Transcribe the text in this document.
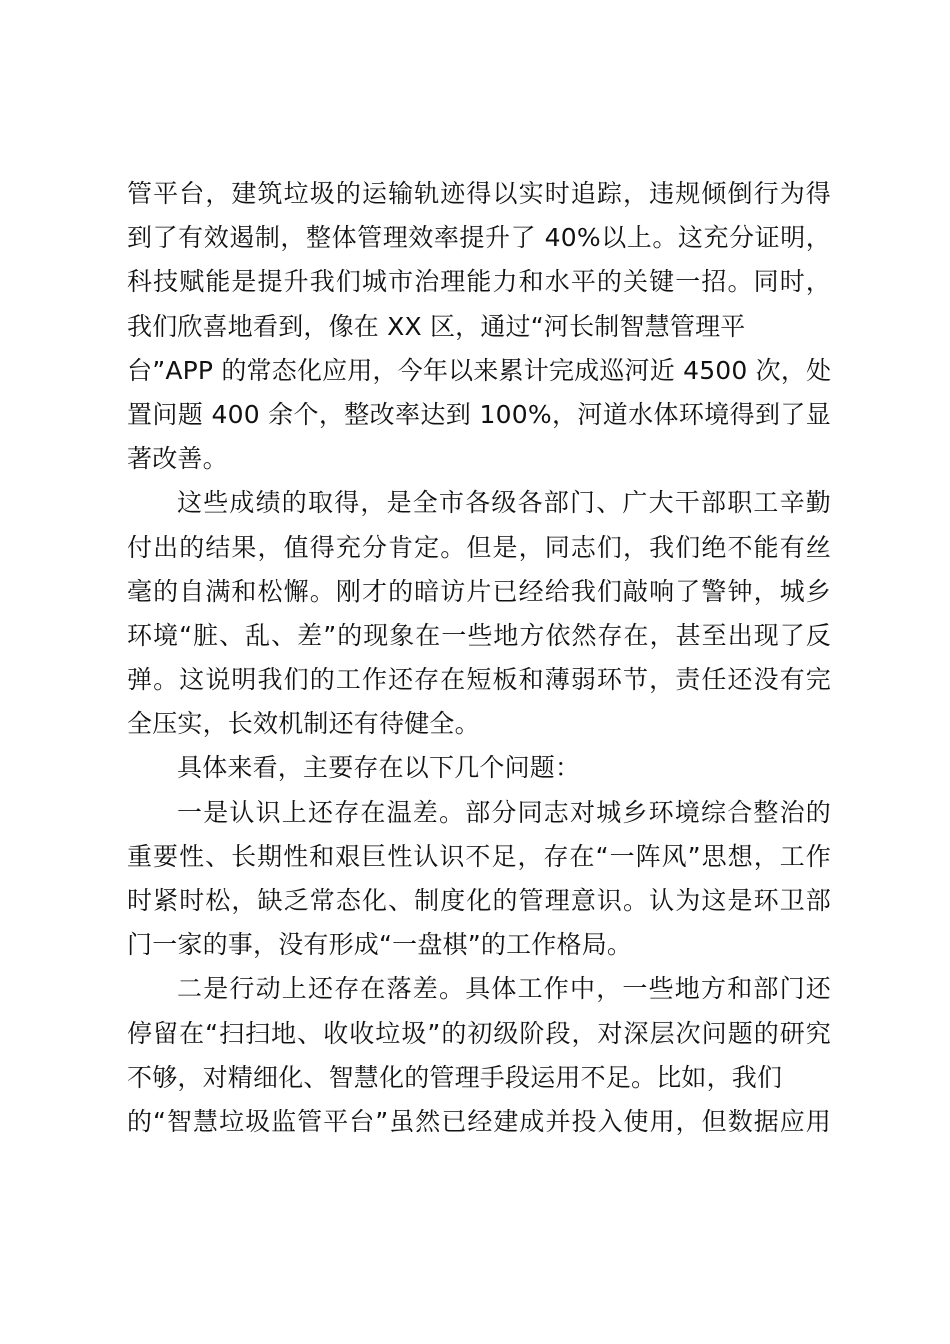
管平台，建筑垃圾的运输轨迹得以实时追踪，违规倾倒行为得
到了有效遏制，整体管理效率提升了 40%以上。这充分证明，
科技赋能是提升我们城市治理能力和水平的关键一招。同时，
我们欣喜地看到，像在 XX 区，通过“河长制智慧管理平
台”APP 的常态化应用，今年以来累计完成巡河近 4500 次，处
置问题 400 余个，整改率达到 100%，河道水体环境得到了显
著改善。
这些成绩的取得，是全市各级各部门、广大干部职工辛勤
付出的结果，值得充分肯定。但是，同志们，我们绝不能有丝
毫的自满和松懈。刚才的暗访片已经给我们敲响了警钟，城乡
环境“脏、乱、差”的现象在一些地方依然存在，甚至出现了反
弹。这说明我们的工作还存在短板和薄弱环节，责任还没有完
全压实，长效机制还有待健全。
具体来看，主要存在以下几个问题：
一是认识上还存在温差。部分同志对城乡环境综合整治的
重要性、长期性和艰巨性认识不足，存在“一阵风”思想，工作
时紧时松，缺乏常态化、制度化的管理意识。认为这是环卫部
门一家的事，没有形成“一盘棋”的工作格局。
二是行动上还存在落差。具体工作中，一些地方和部门还
停留在“扫扫地、收收垃圾”的初级阶段，对深层次问题的研究
不够，对精细化、智慧化的管理手段运用不足。比如，我们
的“智慧垃圾监管平台”虽然已经建成并投入使用，但数据应用
